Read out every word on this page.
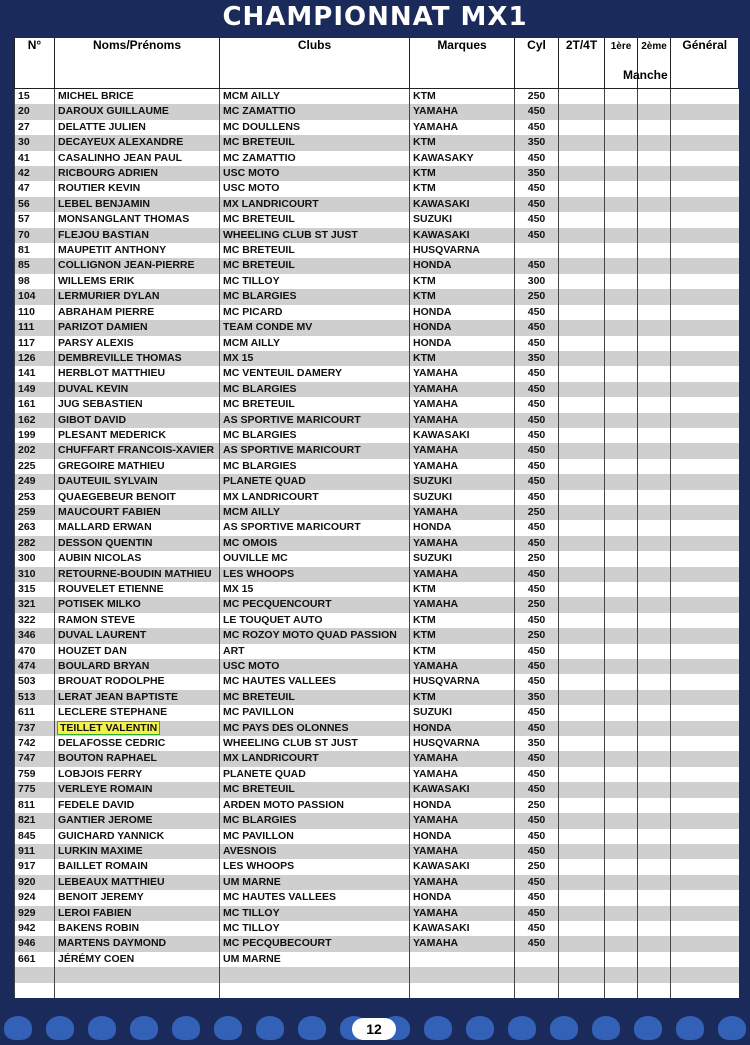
CHAMPIONNAT MX1
N°	Noms/Prénoms	Clubs	Marques	Cyl	2T/4T	1ère	2ème	Général
15	MICHEL BRICE	MCM AILLY	KTM	250				
20	DAROUX GUILLAUME	MC ZAMATTIO	YAMAHA	450				
27	DELATTE JULIEN	MC DOULLENS	YAMAHA	450				
30	DECAYEUX ALEXANDRE	MC BRETEUIL	KTM	350				
41	CASALINHO JEAN PAUL	MC ZAMATTIO	KAWASAKY	450				
42	RICBOURG ADRIEN	USC MOTO	KTM	350				
47	ROUTIER KEVIN	USC MOTO	KTM	450				
56	LEBEL BENJAMIN	MX LANDRICOURT	KAWASAKI	450				
57	MONSANGLANT THOMAS	MC BRETEUIL	SUZUKI	450				
70	FLEJOU BASTIAN	WHEELING CLUB ST JUST	KAWASAKI	450				
81	MAUPETIT ANTHONY	MC BRETEUIL	HUSQVARNA					
85	COLLIGNON JEAN-PIERRE	MC BRETEUIL	HONDA	450				
98	WILLEMS ERIK	MC TILLOY	KTM	300				
104	LERMURIER DYLAN	MC BLARGIES	KTM	250				
110	ABRAHAM PIERRE	MC PICARD	HONDA	450				
111	PARIZOT DAMIEN	TEAM CONDE MV	HONDA	450				
117	PARSY ALEXIS	MCM AILLY	HONDA	450				
126	DEMBREVILLE THOMAS	MX 15	KTM	350				
141	HERBLOT MATTHIEU	MC VENTEUIL DAMERY	YAMAHA	450				
149	DUVAL KEVIN	MC BLARGIES	YAMAHA	450				
161	JUG SEBASTIEN	MC BRETEUIL	YAMAHA	450				
162	GIBOT DAVID	AS SPORTIVE MARICOURT	YAMAHA	450				
199	PLESANT MEDERICK	MC BLARGIES	KAWASAKI	450				
202	CHUFFART FRANCOIS-XAVIER	AS SPORTIVE MARICOURT	YAMAHA	450				
225	GREGOIRE MATHIEU	MC BLARGIES	YAMAHA	450				
249	DAUTEUIL SYLVAIN	PLANETE QUAD	SUZUKI	450				
253	QUAEGEBEUR BENOIT	MX LANDRICOURT	SUZUKI	450				
259	MAUCOURT FABIEN	MCM AILLY	YAMAHA	250				
263	MALLARD ERWAN	AS SPORTIVE MARICOURT	HONDA	450				
282	DESSON QUENTIN	MC OMOIS	YAMAHA	450				
300	AUBIN NICOLAS	OUVILLE MC	SUZUKI	250				
310	RETOURNE-BOUDIN MATHIEU	LES WHOOPS	YAMAHA	450				
315	ROUVELET ETIENNE	MX 15	KTM	450				
321	POTISEK MILKO	MC PECQUENCOURT	YAMAHA	250				
322	RAMON STEVE	LE TOUQUET AUTO	KTM	450				
346	DUVAL LAURENT	MC ROZOY MOTO QUAD PASSION	KTM	250				
470	HOUZET DAN	ART	KTM	450				
474	BOULARD BRYAN	USC MOTO	YAMAHA	450				
503	BROUAT RODOLPHE	MC HAUTES VALLEES	HUSQVARNA	450				
513	LERAT JEAN BAPTISTE	MC BRETEUIL	KTM	350				
611	LECLERE STEPHANE	MC PAVILLON	SUZUKI	450				
737	TEILLET VALENTIN	MC PAYS DES OLONNES	HONDA	450				
742	DELAFOSSE CEDRIC	WHEELING CLUB ST JUST	HUSQVARNA	350				
747	BOUTON RAPHAEL	MX LANDRICOURT	YAMAHA	450				
759	LOBJOIS FERRY	PLANETE QUAD	YAMAHA	450				
775	VERLEYE ROMAIN	MC BRETEUIL	KAWASAKI	450				
811	FEDELE DAVID	ARDEN MOTO PASSION	HONDA	250				
821	GANTIER JEROME	MC BLARGIES	YAMAHA	450				
845	GUICHARD YANNICK	MC PAVILLON	HONDA	450				
911	LURKIN MAXIME	AVESNOIS	YAMAHA	450				
917	BAILLET ROMAIN	LES WHOOPS	KAWASAKI	250				
920	LEBEAUX MATTHIEU	UM MARNE	YAMAHA	450				
924	BENOIT JEREMY	MC HAUTES VALLEES	HONDA	450				
929	LEROI FABIEN	MC TILLOY	YAMAHA	450				
942	BAKENS ROBIN	MC TILLOY	KAWASAKI	450				
946	MARTENS DAYMOND	MC PECQUBECOURT	YAMAHA	450				
661	JÉRÉMY COEN	UM MARNE						

Manche
12
